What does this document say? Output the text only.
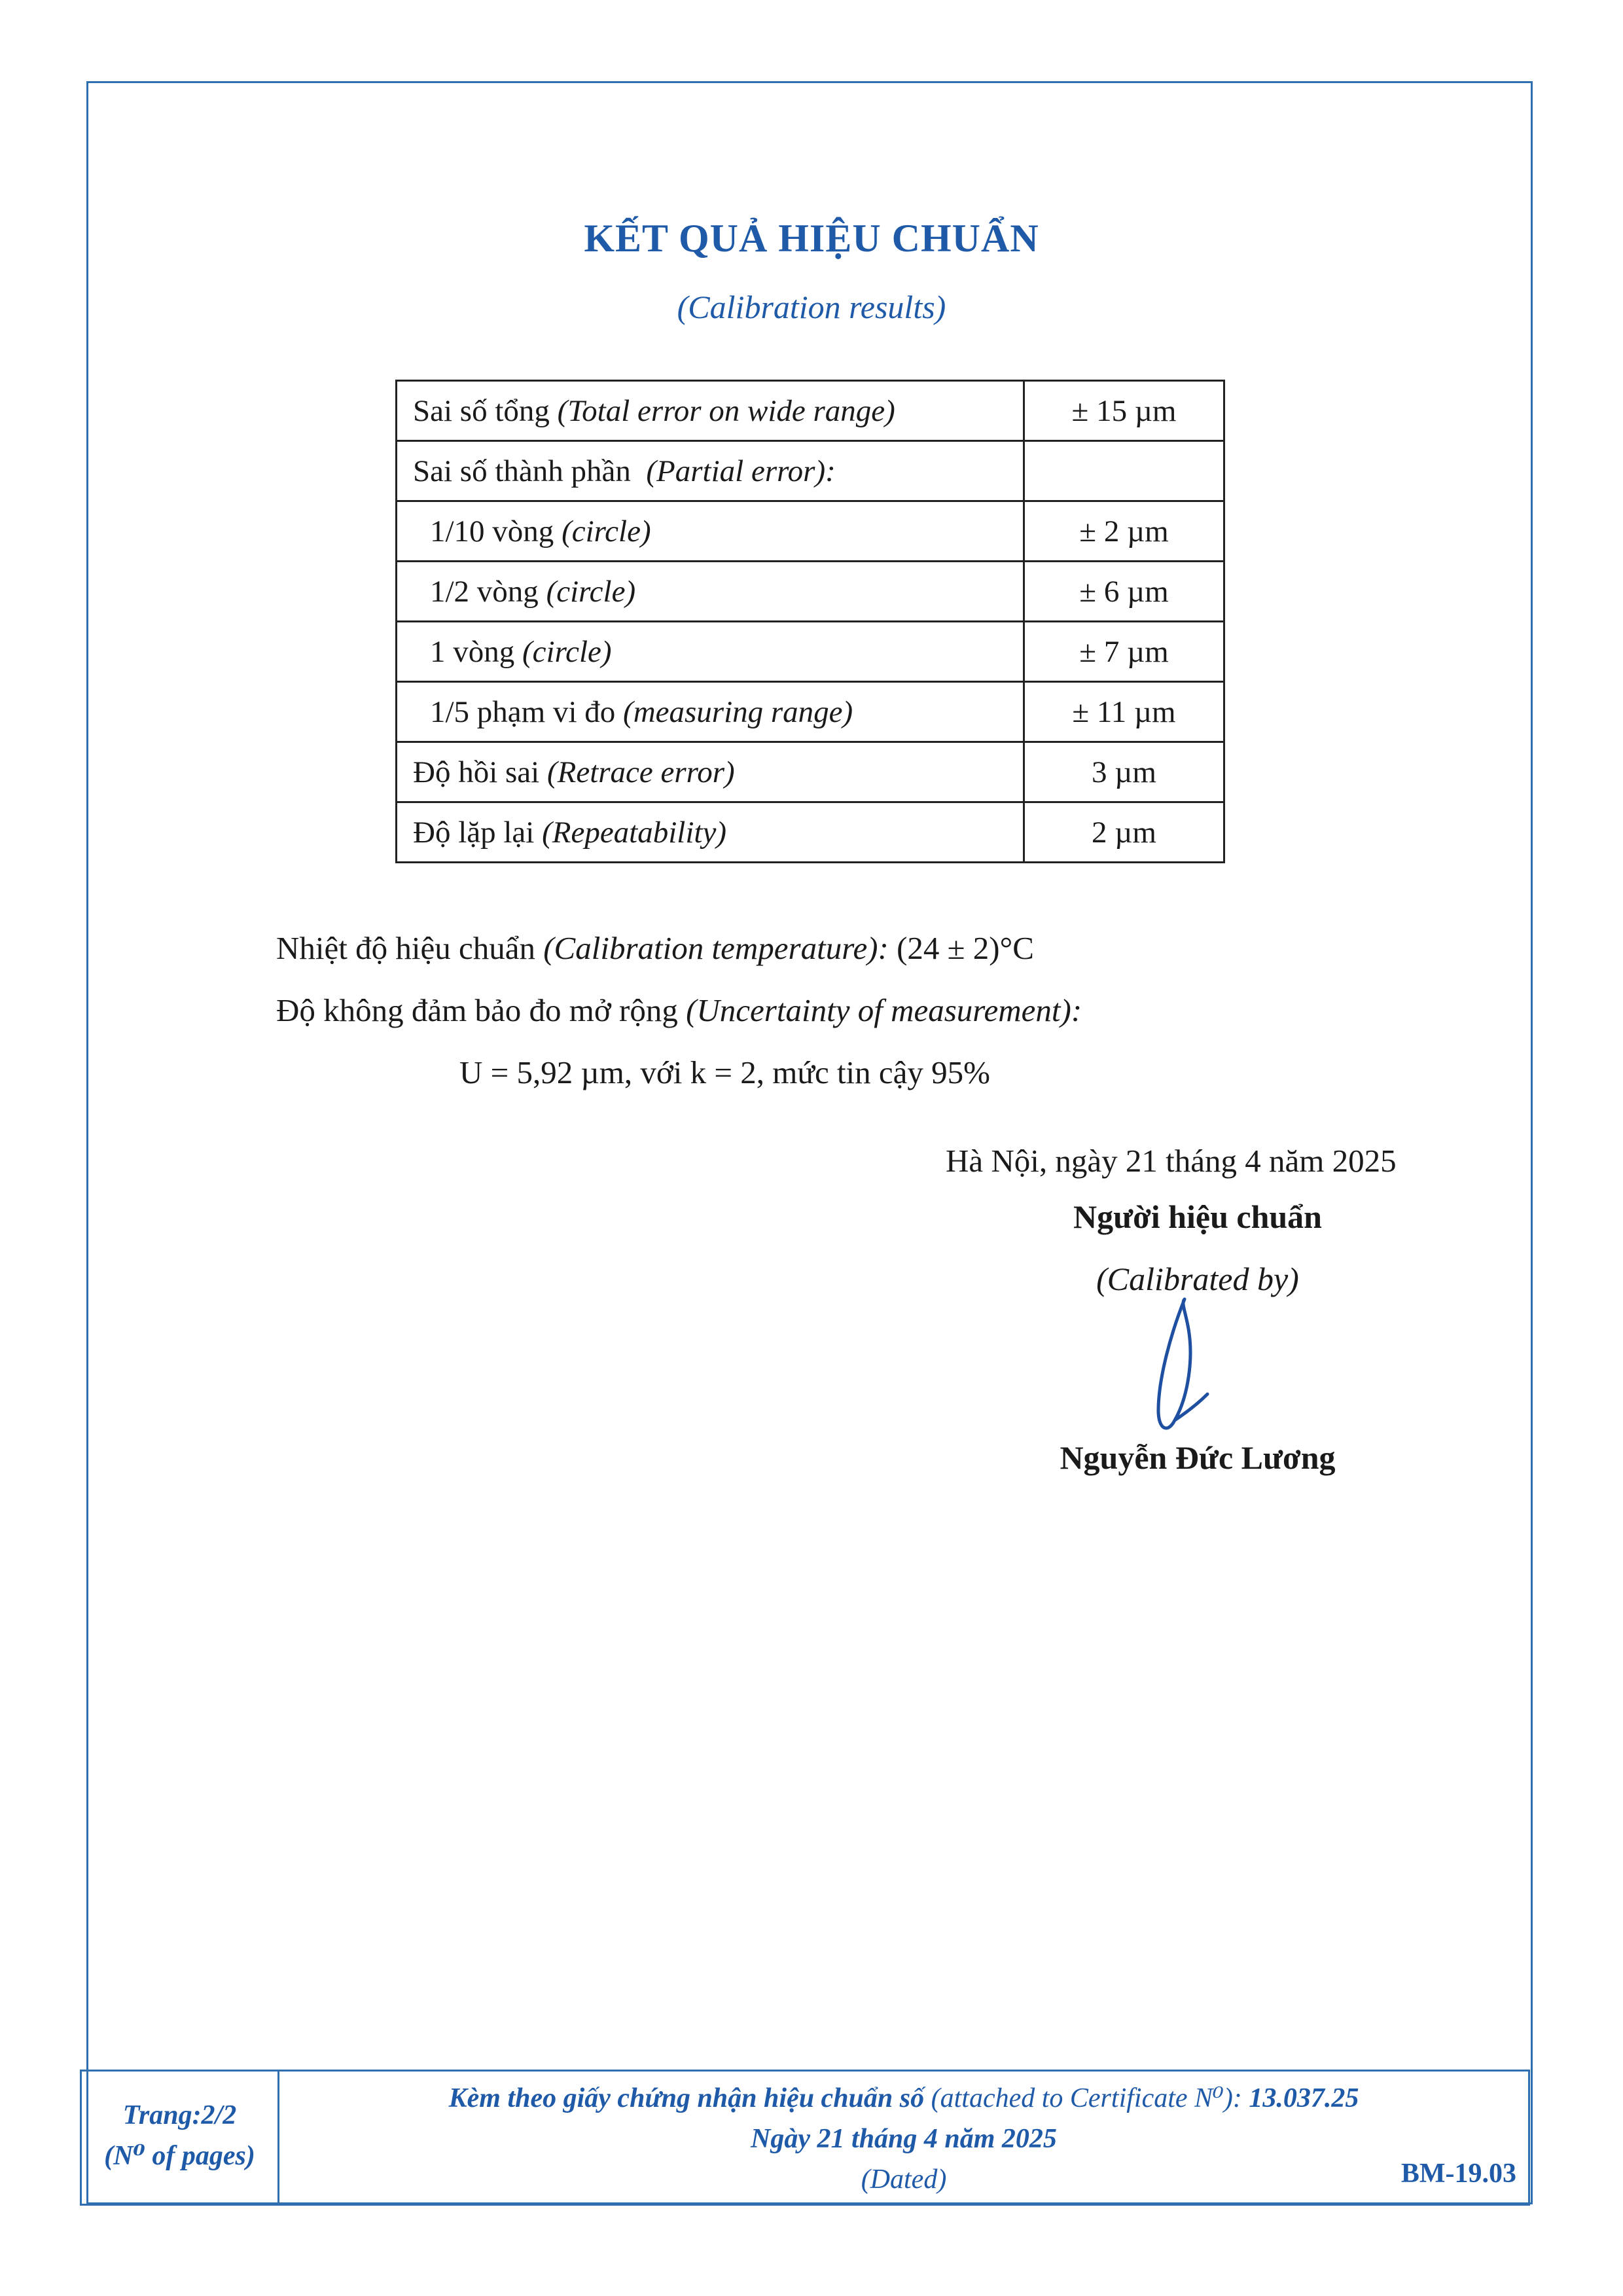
KẾT QUẢ HIỆU CHUẨN
(Calibration results)
Sai số tổng (Total error on wide range)	± 15 µm
Sai số thành phần (Partial error):	
1/10 vòng (circle)	± 2 µm
1/2 vòng (circle)	± 6 µm
1 vòng (circle)	± 7 µm
1/5 phạm vi đo (measuring range)	± 11 µm
Độ hồi sai (Retrace error)	3 µm
Độ lặp lại (Repeatability)	2 µm
Nhiệt độ hiệu chuẩn (Calibration temperature): (24 ± 2)°C
Độ không đảm bảo đo mở rộng (Uncertainty of measurement):
U = 5,92 µm, với k = 2, mức tin cậy 95%
Hà Nội, ngày 21 tháng 4 năm 2025
Người hiệu chuẩn
(Calibrated by)
Nguyễn Đức Lương
Trang:2/2
(N⁰ of pages)
Kèm theo giấy chứng nhận hiệu chuẩn số (attached to Certificate N⁰): 13.037.25
Ngày 21 tháng 4 năm 2025
(Dated)	BM-19.03
